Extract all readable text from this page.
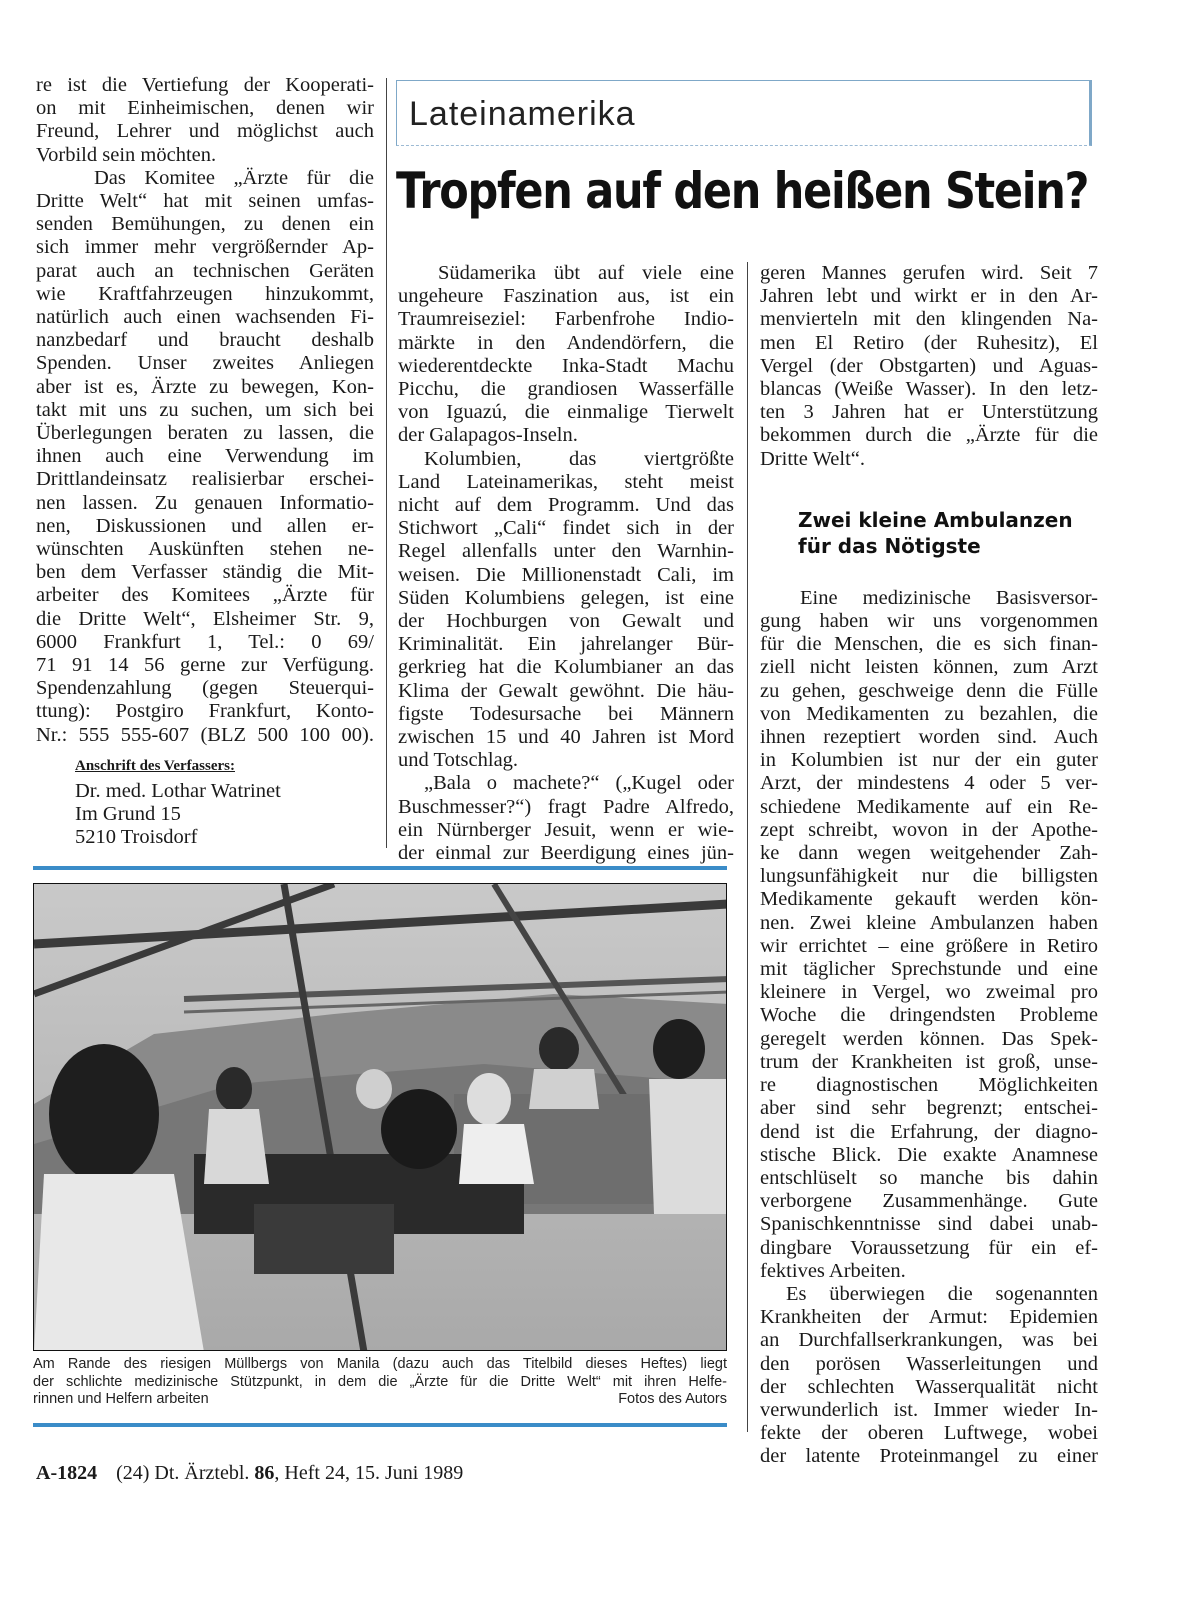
Lateinamerika
Tropfen auf den heißen Stein?
re ist die Vertiefung der Kooperati-
on mit Einheimischen, denen wir
Freund, Lehrer und möglichst auch
Vorbild sein möchten.
Das Komitee „Ärzte für die
Dritte Welt“ hat mit seinen umfas-
senden Bemühungen, zu denen ein
sich immer mehr vergrößernder Ap-
parat auch an technischen Geräten
wie Kraftfahrzeugen hinzukommt,
natürlich auch einen wachsenden Fi-
nanzbedarf und braucht deshalb
Spenden. Unser zweites Anliegen
aber ist es, Ärzte zu bewegen, Kon-
takt mit uns zu suchen, um sich bei
Überlegungen beraten zu lassen, die
ihnen auch eine Verwendung im
Drittlandeinsatz realisierbar erschei-
nen lassen. Zu genauen Informatio-
nen, Diskussionen und allen er-
wünschten Auskünften stehen ne-
ben dem Verfasser ständig die Mit-
arbeiter des Komitees „Ärzte für
die Dritte Welt“, Elsheimer Str. 9,
6000 Frankfurt 1, Tel.: 0 69/
71 91 14 56 gerne zur Verfügung.
Spendenzahlung (gegen Steuerqui-
ttung): Postgiro Frankfurt, Konto-
Nr.: 555 555-607 (BLZ 500 100 00).
Anschrift des Verfassers:
Dr. med. Lothar Watrinet
Im Grund 15
5210 Troisdorf
Südamerika übt auf viele eine
ungeheure Faszination aus, ist ein
Traumreiseziel: Farbenfrohe Indio-
märkte in den Andendörfern, die
wiederentdeckte Inka-Stadt Machu
Picchu, die grandiosen Wasserfälle
von Iguazú, die einmalige Tierwelt
der Galapagos-Inseln.
Kolumbien, das viertgrößte
Land Lateinamerikas, steht meist
nicht auf dem Programm. Und das
Stichwort „Cali“ findet sich in der
Regel allenfalls unter den Warnhin-
weisen. Die Millionenstadt Cali, im
Süden Kolumbiens gelegen, ist eine
der Hochburgen von Gewalt und
Kriminalität. Ein jahrelanger Bür-
gerkrieg hat die Kolumbianer an das
Klima der Gewalt gewöhnt. Die häu-
figste Todesursache bei Männern
zwischen 15 und 40 Jahren ist Mord
und Totschlag.
„Bala o machete?“ („Kugel oder
Buschmesser?“) fragt Padre Alfredo,
ein Nürnberger Jesuit, wenn er wie-
der einmal zur Beerdigung eines jün-
geren Mannes gerufen wird. Seit 7
Jahren lebt und wirkt er in den Ar-
menvierteln mit den klingenden Na-
men El Retiro (der Ruhesitz), El
Vergel (der Obstgarten) und Aguas-
blancas (Weiße Wasser). In den letz-
ten 3 Jahren hat er Unterstützung
bekommen durch die „Ärzte für die
Dritte Welt“.
Zwei kleine Ambulanzen
für das Nötigste
Eine medizinische Basisversor-
gung haben wir uns vorgenommen
für die Menschen, die es sich finan-
ziell nicht leisten können, zum Arzt
zu gehen, geschweige denn die Fülle
von Medikamenten zu bezahlen, die
ihnen rezeptiert worden sind. Auch
in Kolumbien ist nur der ein guter
Arzt, der mindestens 4 oder 5 ver-
schiedene Medikamente auf ein Re-
zept schreibt, wovon in der Apothe-
ke dann wegen weitgehender Zah-
lungsunfähigkeit nur die billigsten
Medikamente gekauft werden kön-
nen. Zwei kleine Ambulanzen haben
wir errichtet – eine größere in Retiro
mit täglicher Sprechstunde und eine
kleinere in Vergel, wo zweimal pro
Woche die dringendsten Probleme
geregelt werden können. Das Spek-
trum der Krankheiten ist groß, unse-
re diagnostischen Möglichkeiten
aber sind sehr begrenzt; entschei-
dend ist die Erfahrung, der diagno-
stische Blick. Die exakte Anamnese
entschlüselt so manche bis dahin
verborgene Zusammenhänge. Gute
Spanischkenntnisse sind dabei unab-
dingbare Voraussetzung für ein ef-
fektives Arbeiten.
Es überwiegen die sogenannten
Krankheiten der Armut: Epidemien
an Durchfallserkrankungen, was bei
den porösen Wasserleitungen und
der schlechten Wasserqualität nicht
verwunderlich ist. Immer wieder In-
fekte der oberen Luftwege, wobei
der latente Proteinmangel zu einer
Am Rande des riesigen Müllbergs von Manila (dazu auch das Titelbild dieses Heftes) liegt
der schlichte medizinische Stützpunkt, in dem die „Ärzte für die Dritte Welt“ mit ihren Helfe-
rinnen und Helfern arbeiten	Fotos des Autors
A-1824 (24) Dt. Ärztebl. 86, Heft 24, 15. Juni 1989
